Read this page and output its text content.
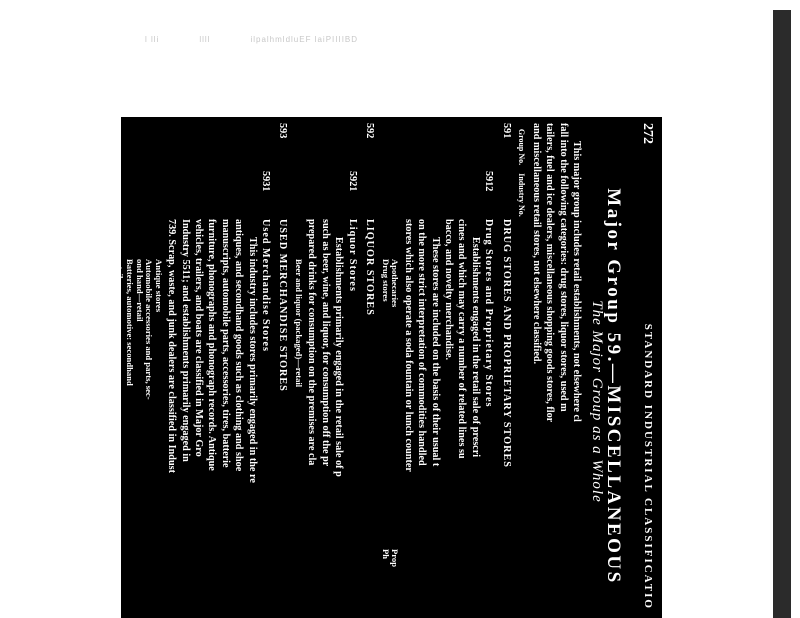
l lli	llll	ilpalhmldluEF laiPIIIIBD
272
STANDARD INDUSTRIAL CLASSIFICATIO
Major Group 59.—MISCELLANEOUS
The Major Group as a Whole
This major group includes retail establishments, not elsewhere cl
fall into the following categories: drug stores, liquor stores, used m
tailers, fuel and ice dealers, miscellaneous shopping goods stores, flor
and miscellaneous retail stores, not elsewhere classified.
Group No.
Industry No.
591
DRUG STORES AND PROPRIETARY STORES
5912
Drug Stores and Proprietary Stores
Establishments engaged in the retail sale of prescri
cines and which may carry a number of related lines su
bacco, and novelty merchandise.
These stores are included on the basis of their usual t
on the more strict interpretation of commodities handled
stores which also operate a soda fountain or lunch counter
Apothecaries
Drug stores
Prop
Ph
592
LIQUOR STORES
5921
Liquor Stores
Establishments primarily engaged in the retail sale of p
such as beer, wine, and liquor, for consumption off the pr
prepared drinks for consumption on the premises are cla
Beer and liquor (packaged)—retail
593
USED MERCHANDISE STORES
5931
Used Merchandise Stores
This industry includes stores primarily engaged in the re
antiques, and secondhand goods such as clothing and shoe
manuscripts, automobile parts, accessories, tires, batterie
furniture, phonographs and phonograph records. Antique
vehicles, trailers, and boats are classified in Major Gro
Industry 5511; and establishments primarily engaged in
739. Scrap, waste, and junk dealers are classified in Indust
Antique stores
Automobile accessories and parts, sec-
ond hand—retail
Batteries, automotive: secondhand
retail
Book stores, secondhand—retail
Building materials, used—retail
Clothing, secondhand—retail
Furniture, antique—retail
Furniture stores, secondhand—retail
Home furnishings, antique—retail
Jewelry, secondhand—retail
Junk shops (dealing in secondhand
merchandise)
Lumber, used only—retail
Mus
Ph
Ph
Pa
Sh
Se
S
Ti
T
